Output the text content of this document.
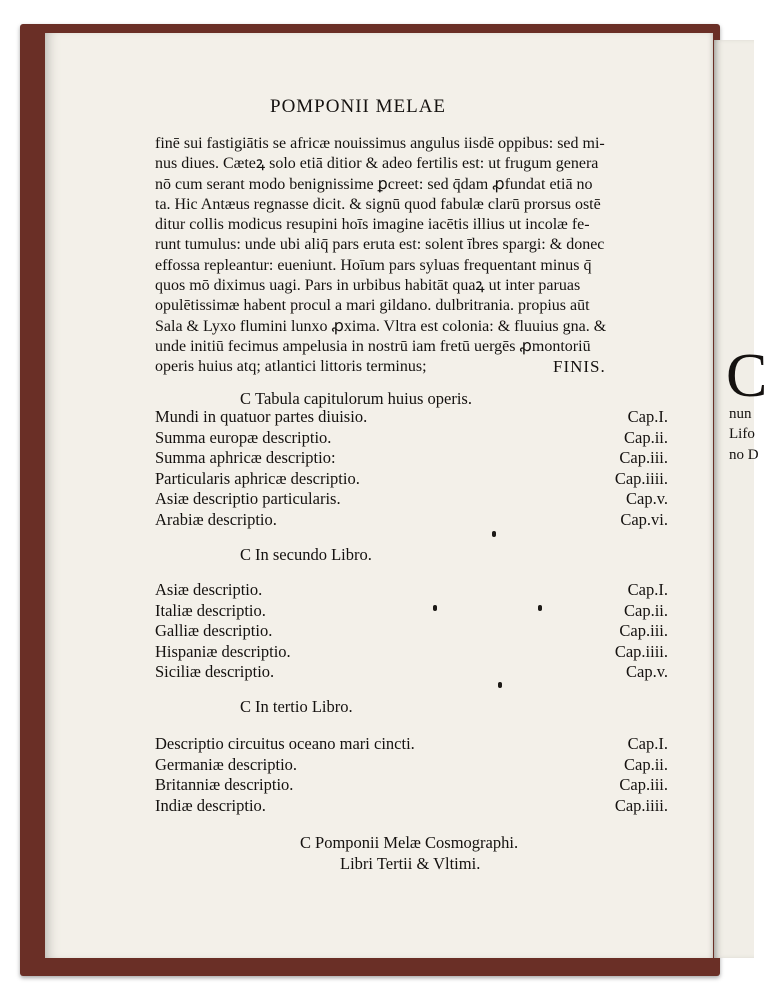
C
nun
Lifo
no D
POMPONII MELAE
finē sui fastigiātis se africæ nouissimus angulus iisdē oppibus: sed mi-
nus diues. Cæteꝝ solo etiā ditior & adeo fertilis est: ut frugum genera
nō cum serant modo benignissime ꝑcreet: sed q̄dam ꝓfundat etiā no
ta. Hic Antæus regnasse dicit. & signū quod fabulæ clarū prorsus ostē
ditur collis modicus resupini hoīs imagine iacētis illius ut incolæ fe-
runt tumulus: unde ubi aliq̄ pars eruta est: solent ībres spargi: & donec
effossa repleantur: eueniunt. Hoīum pars syluas frequentant minus q̄
quos mō diximus uagi. Pars in urbibus habitāt quaꝝ ut inter paruas
opulētissimæ habent procul a mari gildano. dulbritrania. propius aūt
Sala & Lyxo flumini lunxo ꝓxima. Vltra est colonia: & fluuius gna. &
unde initiū fecimus ampelusia in nostrū iam fretū uergēs ꝓmontoriū
operis huius atq; atlantici littoris terminus;	FINIS.
C Tabula capitulorum huius operis.
Mundi in quatuor partes diuisio.	Cap.I.
Summa europæ descriptio.	Cap.ii.
Summa aphricæ descriptio:	Cap.iii.
Particularis aphricæ descriptio.	Cap.iiii.
Asiæ descriptio particularis.	Cap.v.
Arabiæ descriptio.	Cap.vi.
C In secundo Libro.
Asiæ descriptio.	Cap.I.
Italiæ descriptio.	Cap.ii.
Galliæ descriptio.	Cap.iii.
Hispaniæ descriptio.	Cap.iiii.
Siciliæ descriptio.	Cap.v.
C In tertio Libro.
Descriptio circuitus oceano mari cincti.	Cap.I.
Germaniæ descriptio.	Cap.ii.
Britanniæ descriptio.	Cap.iii.
Indiæ descriptio.	Cap.iiii.
C Pomponii Melæ Cosmographi.
Libri Tertii & Vltimi.
